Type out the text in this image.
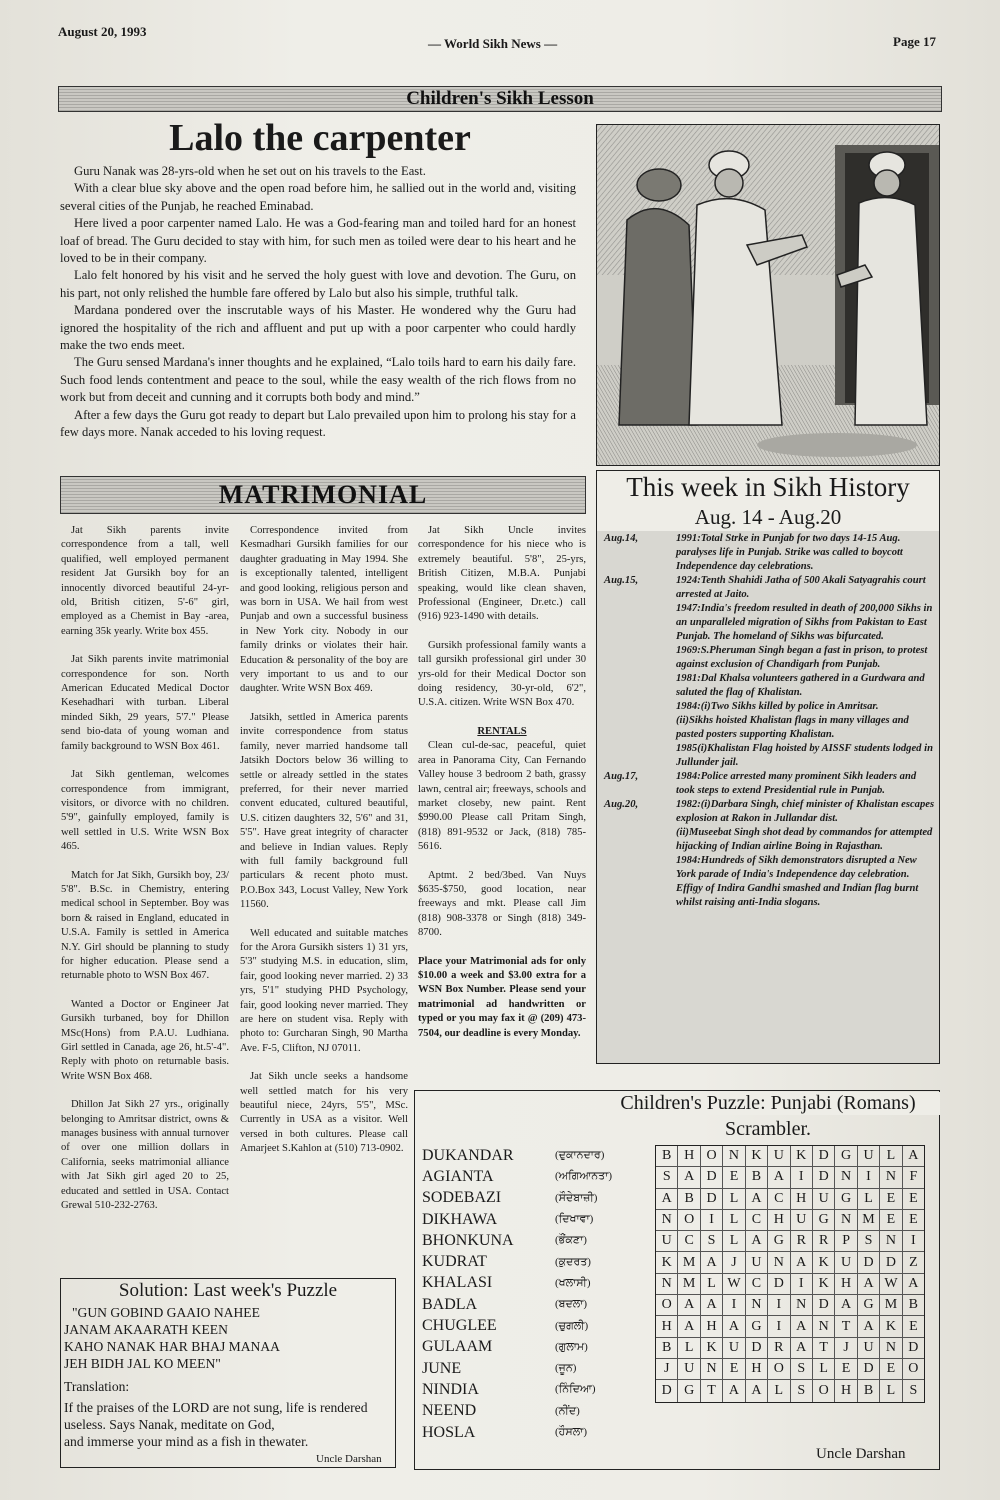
August 20, 1993
— World Sikh News —	Page 17
Children's Sikh Lesson
Lalo the carpenter

Guru Nanak was 28-yrs-old when he set out on his travels to the East.

With a clear blue sky above and the open road before him, he sallied out in the world and, visiting several cities of the Punjab, he reached Eminabad.

Here lived a poor carpenter named Lalo. He was a God-fearing man and toiled hard for an honest loaf of bread. The Guru decided to stay with him, for such men as toiled were dear to his heart and he loved to be in their company.

Lalo felt honored by his visit and he served the holy guest with love and devotion. The Guru, on his part, not only relished the humble fare offered by Lalo but also his simple, truthful talk.

Mardana pondered over the inscrutable ways of his Master. He wondered why the Guru had ignored the hospitality of the rich and affluent and put up with a poor carpenter who could hardly make the two ends meet.

The Guru sensed Mardana's inner thoughts and he explained, “Lalo toils hard to earn his daily fare. Such food lends contentment and peace to the soul, while the easy wealth of the rich flows from no work but from deceit and cunning and it corrupts both body and mind.”

After a few days the Guru got ready to depart but Lalo prevailed upon him to prolong his stay for a few days more. Nanak acceded to his loving request.

MATRIMONIAL

Jat Sikh parents invite correspondence from a tall, well qualified, well employed permanent resident Jat Gursikh boy for an innocently divorced beautiful 24-yr-old, British citizen, 5'-6" girl, employed as a Chemist in Bay -area, earning 35k yearly. Write box 455.

Jat Sikh parents invite matrimonial correspondence for son. North American Educated Medical Doctor Kesehadhari with turban. Liberal minded Sikh, 29 years, 5'7." Please send bio-data of young woman and family background to WSN Box 461.

Jat Sikh gentleman, welcomes correspondence from immigrant, visitors, or divorce with no children. 5'9", gainfully employed, family is well settled in U.S. Write WSN Box 465.

Match for Jat Sikh, Gursikh boy, 23/ 5'8". B.Sc. in Chemistry, entering medical school in September. Boy was born & raised in England, educated in U.S.A. Family is settled in America N.Y. Girl should be planning to study for higher education. Please send a returnable photo to WSN Box 467.

Wanted a Doctor or Engineer Jat Gursikh turbaned, boy for Dhillon MSc(Hons) from P.A.U. Ludhiana. Girl settled in Canada, age 26, ht.5'-4". Reply with photo on returnable basis. Write WSN Box 468.

Dhillon Jat Sikh 27 yrs., originally belonging to Amritsar district, owns & manages business with annual turnover of over one million dollars in California, seeks matrimonial alliance with Jat Sikh girl aged 20 to 25, educated and settled in USA. Contact Grewal 510-232-2763.

Correspondence invited from Kesmadhari Gursikh families for our daughter graduating in May 1994. She is exceptionally talented, intelligent and good looking, religious person and was born in USA. We hail from west Punjab and own a successful business in New York city. Nobody in our family drinks or violates their hair. Education & personality of the boy are very important to us and to our daughter. Write WSN Box 469.

Jatsikh, settled in America parents invite correspondence from status family, never married handsome tall Jatsikh Doctors below 36 willing to settle or already settled in the states preferred, for their never married convent educated, cultured beautiful, U.S. citizen daughters 32, 5'6" and 31, 5'5". Have great integrity of character and believe in Indian values. Reply with full family background full particulars & recent photo must. P.O.Box 343, Locust Valley, New York 11560.

Well educated and suitable matches for the Arora Gursikh sisters 1) 31 yrs, 5'3" studying M.S. in education, slim, fair, good looking never married. 2) 33 yrs, 5'1" studying PHD Psychology, fair, good looking never married. They are here on student visa. Reply with photo to: Gurcharan Singh, 90 Martha Ave. F-5, Clifton, NJ 07011.

Jat Sikh uncle seeks a handsome well settled match for his very beautiful niece, 24yrs, 5'5", MSc. Currently in USA as a visitor. Well versed in both cultures. Please call Amarjeet S.Kahlon at (510) 713-0902.

Jat Sikh Uncle invites correspondence for his niece who is extremely beautiful. 5'8", 25-yrs, British Citizen, M.B.A. Punjabi speaking, would like clean shaven, Professional (Engineer, Dr.etc.) call (916) 923-1490 with details.

Gursikh professional family wants a tall gursikh professional girl under 30 yrs-old for their Medical Doctor son doing residency, 30-yr-old, 6'2", U.S.A. citizen. Write WSN Box 470.

RENTALS

Clean cul-de-sac, peaceful, quiet area in Panorama City, Can Fernando Valley house 3 bedroom 2 bath, grassy lawn, central air; freeways, schools and market closeby, new paint. Rent $990.00 Please call Pritam Singh, (818) 891-9532 or Jack, (818) 785-5616.

Aptmt. 2 bed/3bed. Van Nuys $635-$750, good location, near freeways and mkt. Please call Jim (818) 908-3378 or Singh (818) 349-8700.

Place your Matrimonial ads for only $10.00 a week and $3.00 extra for a WSN Box Number. Please send your matrimonial ad handwritten or typed or you may fax it @ (209) 473-7504, our deadline is every Monday.
This week in Sikh History
Aug. 14 - Aug.20
Aug.14,	1991:Total Strke in Punjab for two days 14-15 Aug. paralyses life in Punjab. Strike was called to boycott Independence day celebrations.
Aug.15,	1924:Tenth Shahidi Jatha of 500 Akali Satyagrahis court arrested at Jaito.
1947:India's freedom resulted in death of 200,000 Sikhs in an unparalleled migration of Sikhs from Pakistan to East Punjab. The homeland of Sikhs was bifurcated.
1969:S.Pheruman Singh began a fast in prison, to protest against exclusion of Chandigarh from Punjab.
1981:Dal Khalsa volunteers gathered in a Gurdwara and saluted the flag of Khalistan.
1984:(i)Two Sikhs killed by police in Amritsar.
(ii)Sikhs hoisted Khalistan flags in many villages and pasted posters supporting Khalistan.
1985(i)Khalistan Flag hoisted by AISSF students lodged in Jullunder jail.
Aug.17,	1984:Police arrested many prominent Sikh leaders and took steps to extend Presidential rule in Punjab.
Aug.20,	1982:(i)Darbara Singh, chief minister of Khalistan escapes explosion at Rakon in Jullandar dist.
(ii)Museebat Singh shot dead by commandos for attempted hijacking of Indian airline Boing in Rajasthan.
1984:Hundreds of Sikh demonstrators disrupted a New York parade of India's Independence day celebration. Effigy of Indira Gandhi smashed and Indian flag burnt whilst raising anti-India slogans.
Solution: Last week's Puzzle
"GUN GOBIND GAAIO NAHEE
JANAM AKAARATH KEEN
KAHO NANAK HAR BHAJ MANAA
JEH BIDH JAL KO MEEN"
Translation:
If the praises of the LORD are not sung, life is rendered
useless. Says Nanak, meditate on God,
and immerse your mind as a fish in thewater.
Uncle Darshan
Children's Puzzle: Punjabi (Romans)
Scrambler.
DUKANDAR	(ਦੁਕਾਨਦਾਰ)
AGIANTA	(ਅਗਿਆਨਤਾ)
SODEBAZI	(ਸੌਦੇਬਾਜ਼ੀ)
DIKHAWA	(ਦਿਖਾਵਾ)
BHONKUNA	(ਭੌਂਕਣਾ)
KUDRAT	(ਕੁਦਰਤ)
KHALASI	(ਖਲਾਸੀ)
BADLA	(ਬਦਲਾ)
CHUGLEE	(ਚੁਗਲੀ)
GULAAM	(ਗੁਲਾਮ)
JUNE	(ਜੂਨ)
NINDIA	(ਨਿੰਦਿਆ)
NEEND	(ਨੀਂਦ)
HOSLA	(ਹੌਸਲਾ)
B H O N K U K D G U L A
S A D E B A	I	D N	I	N F
A B D L A C H U G L E E
N O	I	L C H U G N M E E
U C S	L A G R R P	S N	I
K M A	J	U N A K U D D Z
N M L W C D	I	K H A W A
O A A	I	N	I	N D A G M B
H A H A G	I	A N T A K E
B L K U D R A T	J	U N D
J	U N E H O S	L E D E O
D G T A A L	S O H B L	S
Uncle Darshan
